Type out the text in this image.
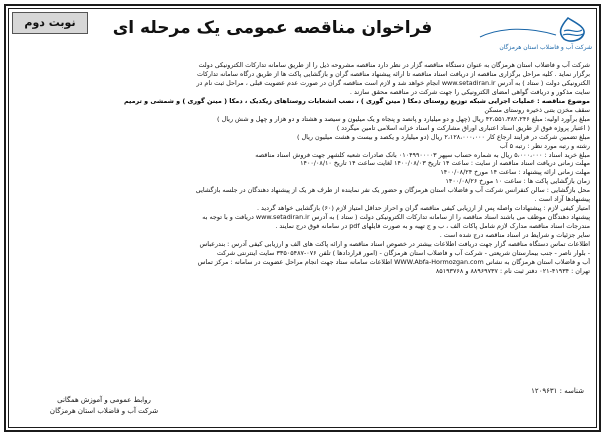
نوبت دوم	فراخوان مناقصه عمومی یک مرحله ای
شرکت آب و فاضلاب استان هرمزگان

شرکت آب و فاضلاب استان هرمزگان به عنوان دستگاه مناقصه گزار در نظر دارد مناقصه مشروحه ذیل را از طریق سامانه تدارکات الکترونیکی دولت

برگزار نماید . کلیه مراحل برگزاری مناقصه از دریافت اسناد مناقصه تا ارائه پیشنهاد مناقصه گران و بازگشایی پاکت ها از طریق درگاه سامانه تدارکات

الکترونیکی دولت ( ستاد ) به آدرس www.setadiran.ir انجام خواهد شد و لازم است مناقصه گران در صورت عدم عضویت قبلی ، مراحل ثبت نام در

سایت مذکور و دریافت گواهی امضای الکترونیکی را جهت شرکت در مناقصه محقق سازند .

موضوع مناقصه : عملیات اجرایی شبکه توزیع روستای دمکا ( مینن گوری ) ، نصب انشعابات روستاهای زیکدیک ، دمکا ( مینن گوری ) و شمشی و ترمیم

سقف مخزن بتنی ذخیره روستای مسکن

مبلغ برآورد اولیه: مبلغ ۴۲،۵۵۱،۳۸۲،۲۴۶ ریال (چهل و دو میلیارد و پانصد و پنجاه و یک میلیون و سیصد و هشتاد و دو هزار و چهل و شش ریال )

( اعتبار پروژه فوق از طریق اسناد اعتباری اوراق مشارکت و اسناد خزانه اسلامی تامین میگردد )

مبلغ تضمین شرکت در فرایند ارجاع کار ۲،۱۲۸،۰۰۰،۰۰۰ ریال (دو میلیارد و یکصد و بیست و هشت میلیون ریال )

رشته و رتبه مورد نظر : رتبه ۵ آب

مبلغ خرید اسناد : ۵،۰۰۰،۰۰۰ ریال به شماره حساب سپهر ۰۱۰۴۹۹۰۰۰۰۳ بانک صادرات شعبه کلشهر جهت فروش اسناد مناقصه

مهلت زمانی دریافت اسناد مناقصه از سایت : ساعت ۱۴ تاریخ ۱۴۰۰/۰۸/۰۳ لغایت ساعت ۱۴ تاریخ ۱۴۰۰/۰۸/۱۰

مهلت زمانی ارائه پیشنهاد : ساعت ۱۴ مورخ ۱۴۰۰/۰۸/۲۴

زمان بازگشایی پاکت ها : ساعت ۱۰ مورخ ۱۴۰۰/۰۸/۲۶

محل بازگشایی : سالن کنفرانس شرکت آب و فاضلاب استان هرمزگان و حضور یک نفر نماینده از طرف هر یک از پیشنهاد دهندگان در جلسه بازگشایی

پیشنهادها آزاد است .

امتیاز کیفی لازم : پیشنهادات واصله پس از ارزیابی کیفی مناقصه گران و احراز حداقل امتیاز لازم (۶۰) بازگشایی خواهد گردید .

پیشنهاد دهندگان موظف می باشند اسناد مناقصه را از سامانه تدارکات الکترونیکی دولت ( ستاد ) به آدرس www.setadiran.ir دریافت و با توجه به

مندرجات اسناد مناقصه مدارک لازم شامل پاکات الف ، ب و ج تهیه و به صورت فایلهای pdf در سامانه فوق درج نمایند .

سایر جزئیات و شرایط در اسناد مناقصه درج شده است .

اطلاعات تماس دستگاه مناقصه گزار جهت دریافت اطلاعات بیشتر در خصوص اسناد مناقصه و ارائه پاکت های الف و ارزیابی کیفی آدرس : بندرعباس

- بلوار ناصر - جنب بیمارستان شریعتی - شرکت آب و فاضلاب استان هرمزگان - (امور قراردادها ) تلفن ۰۷۶-۳۳۵۰۵۴۸۷ سایت اینترنتی شرکت

آب و فاضلاب استان هرمزگان به نشانی WWW.Abfa-Hormozgan.com اطلاعات سامانه ستاد جهت انجام مراحل عضویت در سامانه : مرکز تماس

تهران : ۴۱۹۳۴-۰۲۱ دفتر ثبت نام : ۸۸۹۶۹۷۳۷ و ۸۵۱۹۳۷۶۸

شناسه : ۱۲۰۹۶۳۱
روابط عمومی و آموزش همگانی
شرکت آب و فاضلاب استان هرمزگان
